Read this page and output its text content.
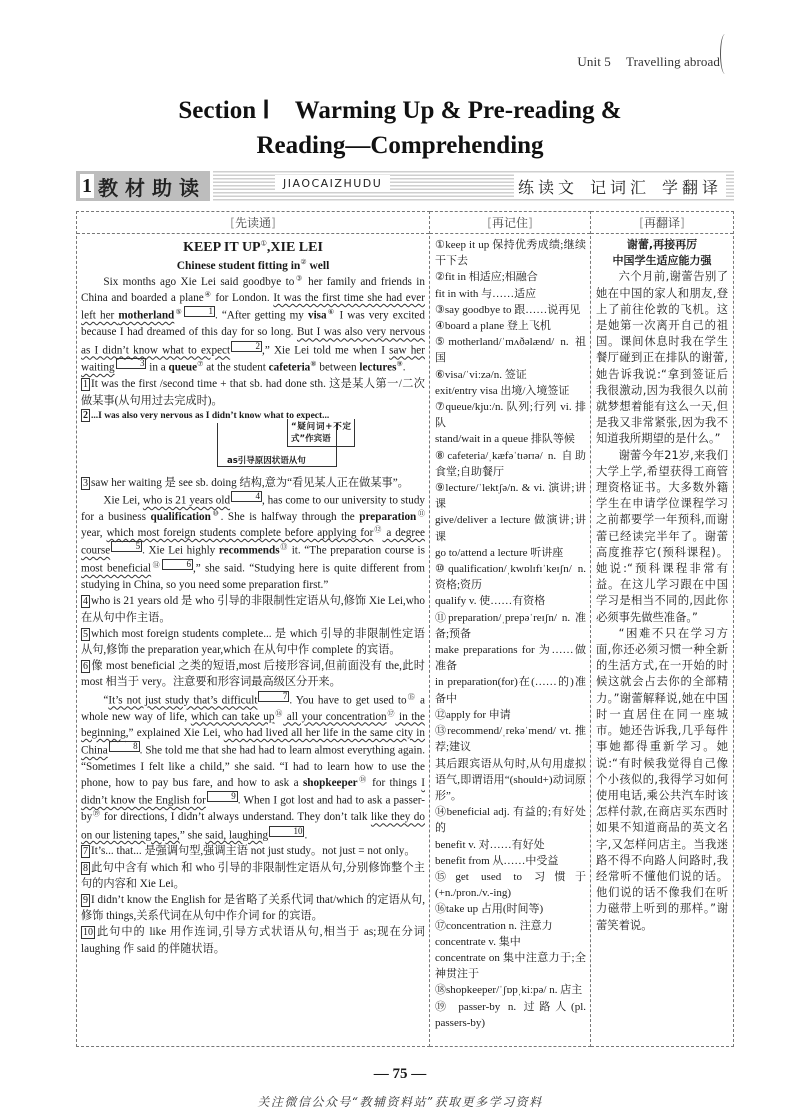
Unit 5 Travelling abroad
Section Ⅰ　Warming Up & Pre-reading &
Reading—Comprehending
1 教材助读	JIAOCAIZHUDU	练读文 记词汇 学翻译
[先读通]
KEEP IT UP①,XIE LEI
Chinese student fitting in② well
Six months ago Xie Lei said goodbye to③ her family and friends in China and boarded a plane④ for London. It was the first time she had ever left her motherland⑤	1 . “After getting my visa⑥ I was very excited because I had dreamed of this day for so long. But I was also very nervous as I didn’t know what to expect	2 ,” Xie Lei told me when I saw her waiting	3 in a queue⑦ at the student cafeteria⑧ between lectures⑨.
1 It was the first /second time + that sb. had done sth. 这是某人第一/二次做某事(从句用过去完成时)。
2 ...I was also very nervous as I didn’t know what to expect...
as引导原因状语从句
“疑问词+不定式”作宾语
3 saw her waiting 是 see sb. doing 结构,意为“看见某人正在做某事”。
Xie Lei, who is 21 years old	4 , has come to our university to study for a business qualification⑩. She is halfway through the preparation⑪ year, which most foreign students complete before applying for⑫ a degree course	5 . Xie Lei highly recommends⑬ it. “The preparation course is most beneficial⑭	6 ,” she said. “Studying here is quite different from studying in China, so you need some preparation first.”
4 who is 21 years old 是 who 引导的非限制性定语从句,修饰 Xie Lei,who 在从句中作主语。
5 which most foreign students complete... 是 which 引导的非限制性定语从句,修饰 the preparation year,which 在从句中作 complete 的宾语。
6 像 most beneficial 之类的短语,most 后接形容词,但前面没有 the,此时 most 相当于 very。注意要和形容词最高级区分开来。
“It’s not just study that’s difficult	7 . You have to get used to⑮ a whole new way of life, which can take up⑯ all your concentration⑰ in the beginning,” explained Xie Lei, who had lived all her life in the same city in China	8 . She told me that she had had to learn almost everything again. “Sometimes I felt like a child,” she said. “I had to learn how to use the phone, how to pay bus fare, and how to ask a shopkeeper⑱ for things I didn’t know the English for	9 . When I got lost and had to ask a passer-by⑲ for directions, I didn’t always understand. They don’t talk like they do on our listening tapes,” she said, laughing	10 .
7 It’s... that... 是强调句型,强调主语 not just study。not just = not only。
8 此句中含有 which 和 who 引导的非限制性定语从句,分别修饰整个主句的内容和 Xie Lei。
9 I didn’t know the English for 是省略了关系代词 that/which 的定语从句,修饰 things,关系代词在从句中作介词 for 的宾语。
10 此句中的 like 用作连词,引导方式状语从句,相当于 as;现在分词 laughing 作 said 的伴随状语。
[再记住]
①keep it up 保持优秀成绩;继续干下去
②fit in 相适应;相融合
fit in with 与……适应
③say goodbye to 跟……说再见
④board a plane 登上飞机
⑤motherland/ˈmʌðəlænd/ n. 祖国
⑥visa/ˈviːzə/n. 签证
exit/entry visa 出境/入境签证
⑦queue/kjuː/n. 队列;行列 vi. 排队
stand/wait in a queue 排队等候
⑧cafeteria/ˌkæfəˈtɪərɪə/ n. 自助食堂;自助餐厅
⑨lecture/ˈlektʃə/n. & vi. 演讲;讲课
give/deliver a lecture 做演讲;讲课
go to/attend a lecture 听讲座
⑩qualification/ˌkwɒlɪfɪˈkeɪʃn/ n. 资格;资历
qualify v. 使……有资格
⑪preparation/ˌprepəˈreɪʃn/ n. 准备;预备
make preparations for 为……做准备
in preparation(for)在(……的)准备中
⑫apply for 申请
⑬recommend/ˌrekəˈmend/ vt. 推荐;建议
其后跟宾语从句时,从句用虚拟语气,即谓语用“(should+)动词原形”。
⑭beneficial adj. 有益的;有好处的
benefit v. 对……有好处
benefit from 从……中受益
⑮get used to 习惯于(+n./pron./v.-ing)
⑯take up 占用(时间等)
⑰concentration n. 注意力
concentrate v. 集中
concentrate on 集中注意力于;全神贯注于
⑱shopkeeper/ˈʃɒpˌkiːpə/ n. 店主
⑲ passer-by n. 过路人(pl. passers-by)
[再翻译]
谢蕾,再接再厉
中国学生适应能力强
六个月前,谢蕾告别了她在中国的家人和朋友,登上了前往伦敦的飞机。这是她第一次离开自己的祖国。课间休息时我在学生餐厅碰到正在排队的谢蕾,她告诉我说:“拿到签证后我很激动,因为我很久以前就梦想着能有这么一天,但是我又非常紧张,因为我不知道我所期望的是什么。”
谢蕾今年21岁,来我们大学上学,希望获得工商管理资格证书。大多数外籍学生在申请学位课程学习之前都要学一年预科,而谢蕾已经读完半年了。谢蕾高度推荐它(预科课程)。她说:“预科课程非常有益。在这儿学习跟在中国学习是相当不同的,因此你必须事先做些准备。”
“困难不只在学习方面,你还必须习惯一种全新的生活方式,在一开始的时候这就会占去你的全部精力。”谢蕾解释说,她在中国时一直居住在同一座城市。她还告诉我,几乎每件事她都得重新学习。她说:“有时候我觉得自己像个小孩似的,我得学习如何使用电话,乘公共汽车时该怎样付款,在商店买东西时如果不知道商品的英文名字,又怎样问店主。当我迷路不得不向路人问路时,我经常听不懂他们说的话。他们说的话不像我们在听力磁带上听到的那样。”谢蕾笑着说。
— 75 —
关注微信公众号“教辅资料站”获取更多学习资料
